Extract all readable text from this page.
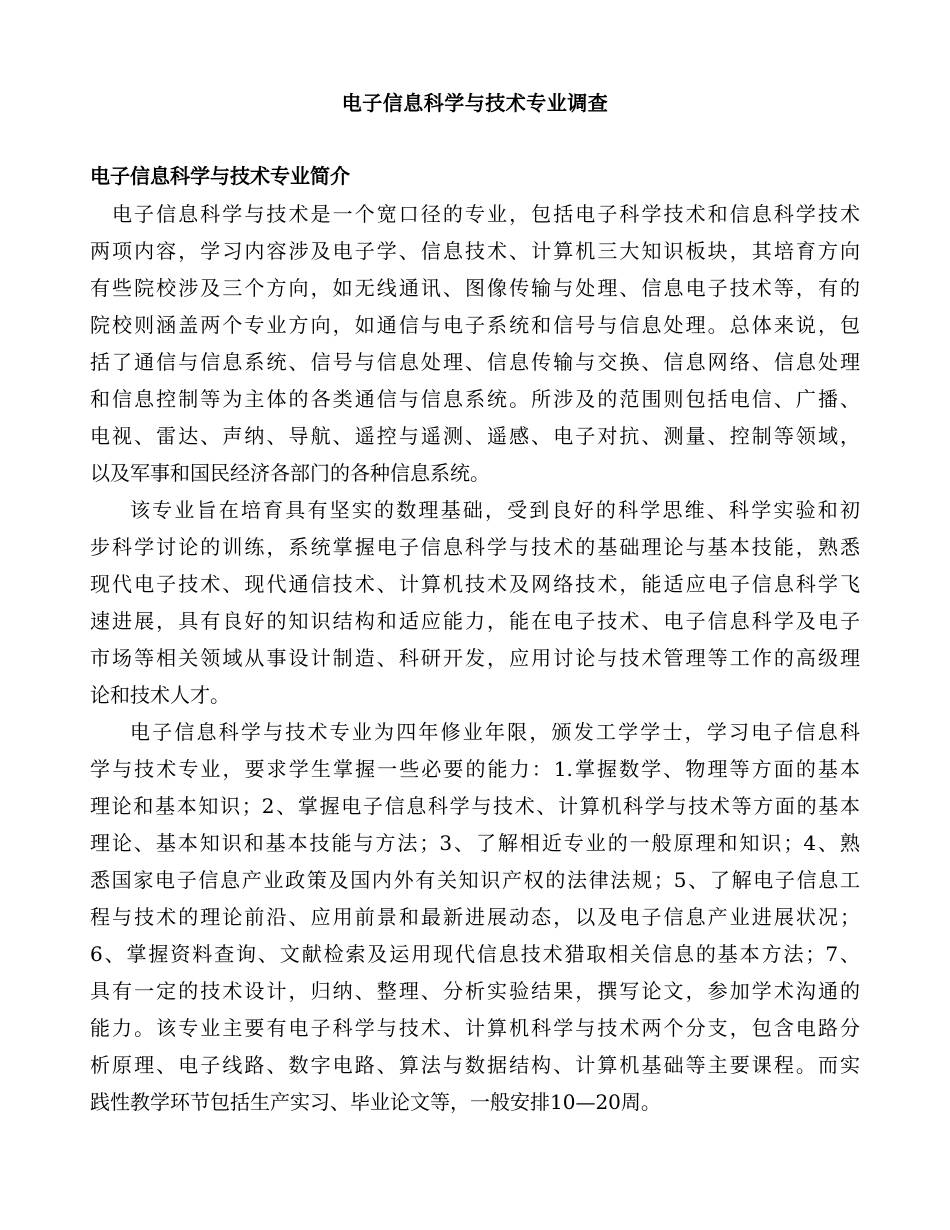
电子信息科学与技术专业调查
电子信息科学与技术专业简介
电子信息科学与技术是一个宽口径的专业，包括电子科学技术和信息科学技术
两项内容，学习内容涉及电子学、信息技术、计算机三大知识板块，其培育方向
有些院校涉及三个方向，如无线通讯、图像传输与处理、信息电子技术等，有的
院校则涵盖两个专业方向，如通信与电子系统和信号与信息处理。总体来说，包
括了通信与信息系统、信号与信息处理、信息传输与交换、信息网络、信息处理
和信息控制等为主体的各类通信与信息系统。所涉及的范围则包括电信、广播、
电视、雷达、声纳、导航、遥控与遥测、遥感、电子对抗、测量、控制等领域，
以及军事和国民经济各部门的各种信息系统。
该专业旨在培育具有坚实的数理基础，受到良好的科学思维、科学实验和初
步科学讨论的训练，系统掌握电子信息科学与技术的基础理论与基本技能，熟悉
现代电子技术、现代通信技术、计算机技术及网络技术，能适应电子信息科学飞
速进展，具有良好的知识结构和适应能力，能在电子技术、电子信息科学及电子
市场等相关领域从事设计制造、科研开发，应用讨论与技术管理等工作的高级理
论和技术人才。
电子信息科学与技术专业为四年修业年限，颁发工学学士，学习电子信息科
学与技术专业，要求学生掌握一些必要的能力：1.掌握数学、物理等方面的基本
理论和基本知识；2、掌握电子信息科学与技术、计算机科学与技术等方面的基本
理论、基本知识和基本技能与方法；3、了解相近专业的一般原理和知识；4、熟
悉国家电子信息产业政策及国内外有关知识产权的法律法规；5、了解电子信息工
程与技术的理论前沿、应用前景和最新进展动态，以及电子信息产业进展状况；
6、掌握资料查询、文献检索及运用现代信息技术猎取相关信息的基本方法；7、
具有一定的技术设计，归纳、整理、分析实验结果，撰写论文，参加学术沟通的
能力。该专业主要有电子科学与技术、计算机科学与技术两个分支，包含电路分
析原理、电子线路、数字电路、算法与数据结构、计算机基础等主要课程。而实
践性教学环节包括生产实习、毕业论文等，一般安排10—20周。
